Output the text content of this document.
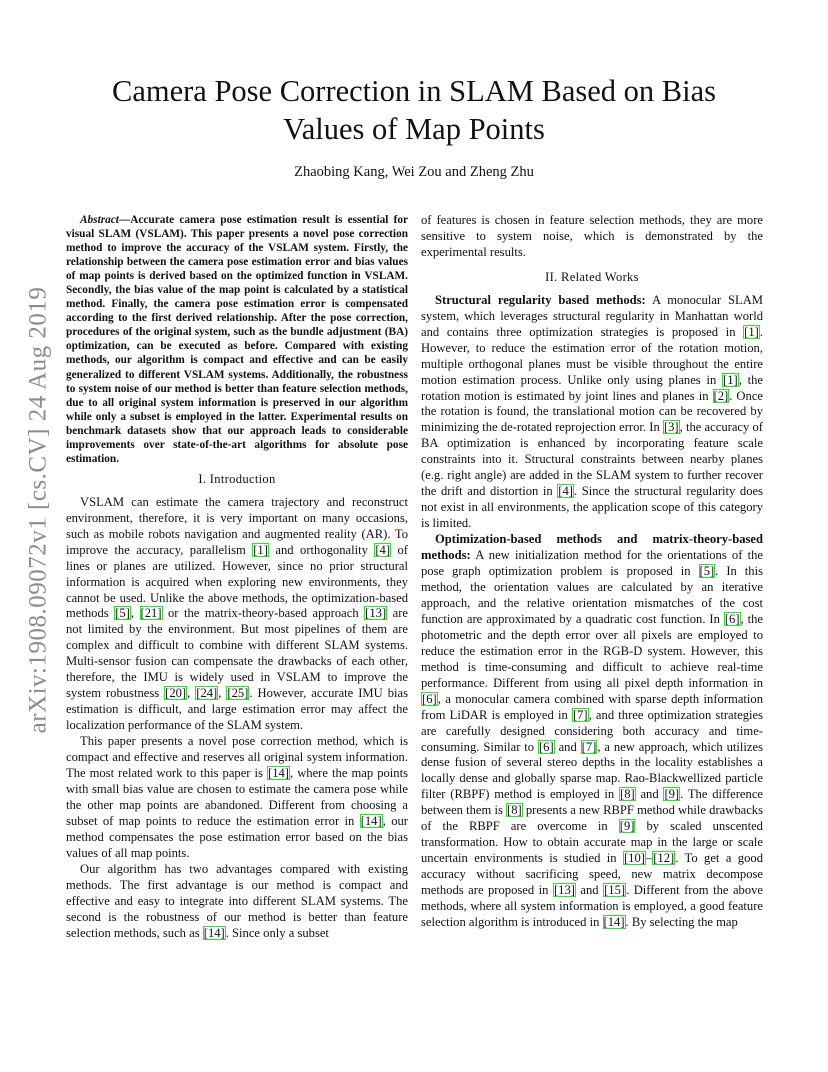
arXiv:1908.09072v1 [cs.CV] 24 Aug 2019
Camera Pose Correction in SLAM Based on Bias
Values of Map Points
Zhaobing Kang, Wei Zou and Zheng Zhu

Abstract—Accurate camera pose estimation result is essential for visual SLAM (VSLAM). This paper presents a novel pose correction method to improve the accuracy of the VSLAM system. Firstly, the relationship between the camera pose estimation error and bias values of map points is derived based on the optimized function in VSLAM. Secondly, the bias value of the map point is calculated by a statistical method. Finally, the camera pose estimation error is compensated according to the first derived relationship. After the pose correction, procedures of the original system, such as the bundle adjustment (BA) optimization, can be executed as before. Compared with existing methods, our algorithm is compact and effective and can be easily generalized to different VSLAM systems. Additionally, the robustness to system noise of our method is better than feature selection methods, due to all original system information is preserved in our algorithm while only a subset is employed in the latter. Experimental results on benchmark datasets show that our approach leads to considerable improvements over state-of-the-art algorithms for absolute pose estimation.

I. Introduction

VSLAM can estimate the camera trajectory and reconstruct environment, therefore, it is very important on many occasions, such as mobile robots navigation and augmented reality (AR). To improve the accuracy, parallelism [1] and orthogonality [4] of lines or planes are utilized. However, since no prior structural information is acquired when exploring new environments, they cannot be used. Unlike the above methods, the optimization-based methods [5], [21] or the matrix-theory-based approach [13] are not limited by the environment. But most pipelines of them are complex and difficult to combine with different SLAM systems. Multi-sensor fusion can compensate the drawbacks of each other, therefore, the IMU is widely used in VSLAM to improve the system robustness [20], [24], [25]. However, accurate IMU bias estimation is difficult, and large estimation error may affect the localization performance of the SLAM system.

This paper presents a novel pose correction method, which is compact and effective and reserves all original system information. The most related work to this paper is [14], where the map points with small bias value are chosen to estimate the camera pose while the other map points are abandoned. Different from choosing a subset of map points to reduce the estimation error in [14], our method compensates the pose estimation error based on the bias values of all map points.

Our algorithm has two advantages compared with existing methods. The first advantage is our method is compact and effective and easy to integrate into different SLAM systems. The second is the robustness of our method is better than feature selection methods, such as [14]. Since only a subset

of features is chosen in feature selection methods, they are more sensitive to system noise, which is demonstrated by the experimental results.

II. Related Works

Structural regularity based methods: A monocular SLAM system, which leverages structural regularity in Manhattan world and contains three optimization strategies is proposed in [1]. However, to reduce the estimation error of the rotation motion, multiple orthogonal planes must be visible throughout the entire motion estimation process. Unlike only using planes in [1], the rotation motion is estimated by joint lines and planes in [2]. Once the rotation is found, the translational motion can be recovered by minimizing the de-rotated reprojection error. In [3], the accuracy of BA optimization is enhanced by incorporating feature scale constraints into it. Structural constraints between nearby planes (e.g. right angle) are added in the SLAM system to further recover the drift and distortion in [4]. Since the structural regularity does not exist in all environments, the application scope of this category is limited.

Optimization-based methods and matrix-theory-based methods: A new initialization method for the orientations of the pose graph optimization problem is proposed in [5]. In this method, the orientation values are calculated by an iterative approach, and the relative orientation mismatches of the cost function are approximated by a quadratic cost function. In [6], the photometric and the depth error over all pixels are employed to reduce the estimation error in the RGB-D system. However, this method is time-consuming and difficult to achieve real-time performance. Different from using all pixel depth information in [6], a monocular camera combined with sparse depth information from LiDAR is employed in [7], and three optimization strategies are carefully designed considering both accuracy and time-consuming. Similar to [6] and [7], a new approach, which utilizes dense fusion of several stereo depths in the locality establishes a locally dense and globally sparse map. Rao-Blackwellized particle filter (RBPF) method is employed in [8] and [9]. The difference between them is [8] presents a new RBPF method while drawbacks of the RBPF are overcome in [9] by scaled unscented transformation. How to obtain accurate map in the large or scale uncertain environments is studied in [10]–[12]. To get a good accuracy without sacrificing speed, new matrix decompose methods are proposed in [13] and [15]. Different from the above methods, where all system information is employed, a good feature selection algorithm is introduced in [14]. By selecting the map
